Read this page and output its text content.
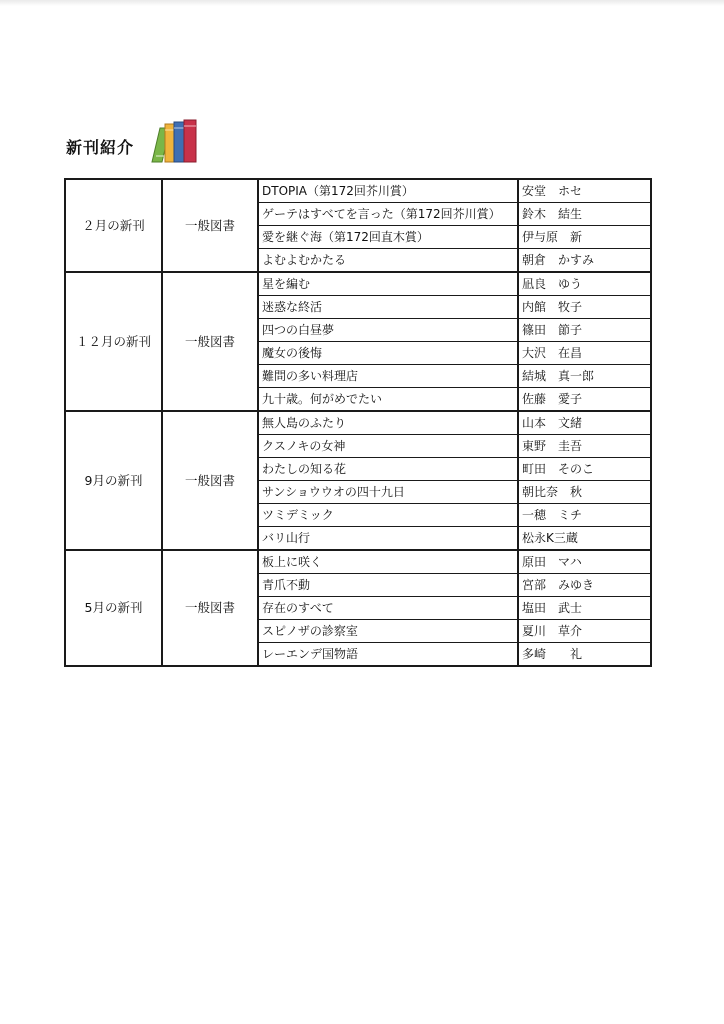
新刊紹介
２月の新刊	一般図書	DTOPIA（第172回芥川賞）	安堂　ホセ
		ゲーテはすべてを言った（第172回芥川賞）	鈴木　結生
		愛を継ぐ海（第172回直木賞）	伊与原　新
		よむよむかたる	朝倉　かすみ
１２月の新刊	一般図書	星を編む	凪良　ゆう
		迷惑な終活	内館　牧子
		四つの白昼夢	篠田　節子
		魔女の後悔	大沢　在昌
		難問の多い料理店	結城　真一郎
		九十歳。何がめでたい	佐藤　愛子
9月の新刊	一般図書	無人島のふたり	山本　文緒
		クスノキの女神	東野　圭吾
		わたしの知る花	町田　そのこ
		サンショウウオの四十九日	朝比奈　秋
		ツミデミック	一穂　ミチ
		バリ山行	松永K三蔵
5月の新刊	一般図書	板上に咲く	原田　マハ
		青爪不動	宮部　みゆき
		存在のすべて	塩田　武士
		スピノザの診察室	夏川　草介
		レーエンデ国物語	多崎　　礼
